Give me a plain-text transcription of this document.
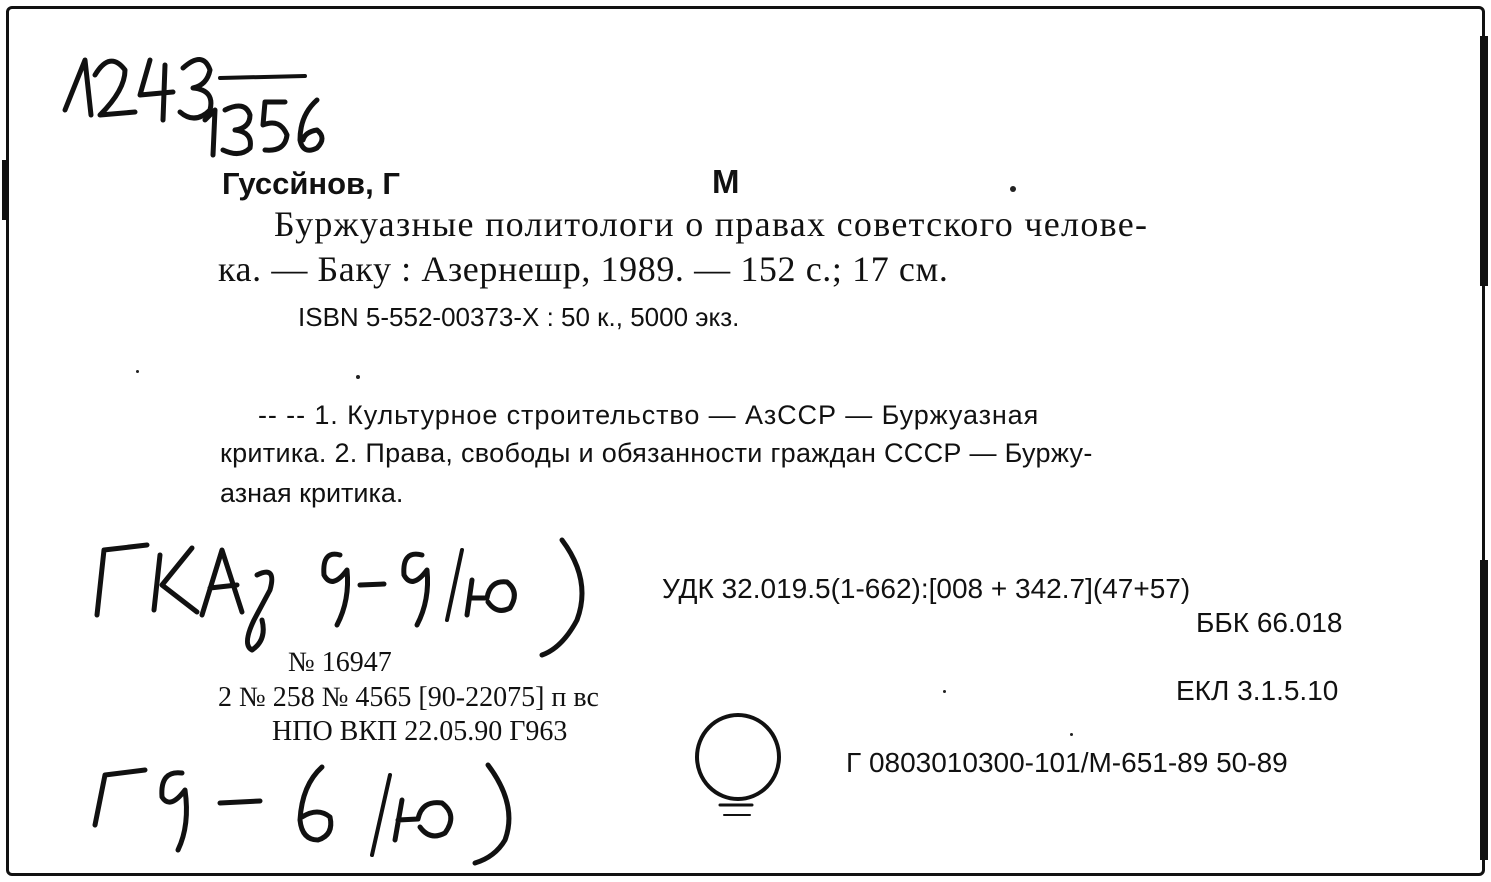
Гуссйнов, Г	М
Буржуазные политологи о правах советского челове-
ка. — Баку : Азернешр, 1989. — 152 с.; 17 см.
ISBN 5-552-00373-X : 50 к., 5000 экз.
-- -- 1. Культурное строительство — АзССР — Буржуазная
критика. 2. Права, свободы и обязанности граждан СССР — Буржу-
азная критика.
УДК 32.019.5(1-662):[008 + 342.7](47+57)
ББК 66.018
№ 16947
2 № 258 № 4565 [90-22075] п вс
НПО ВКП 22.05.90 Г963
ЕКЛ 3.1.5.10
Г 0803010300-101/М-651-89 50-89
